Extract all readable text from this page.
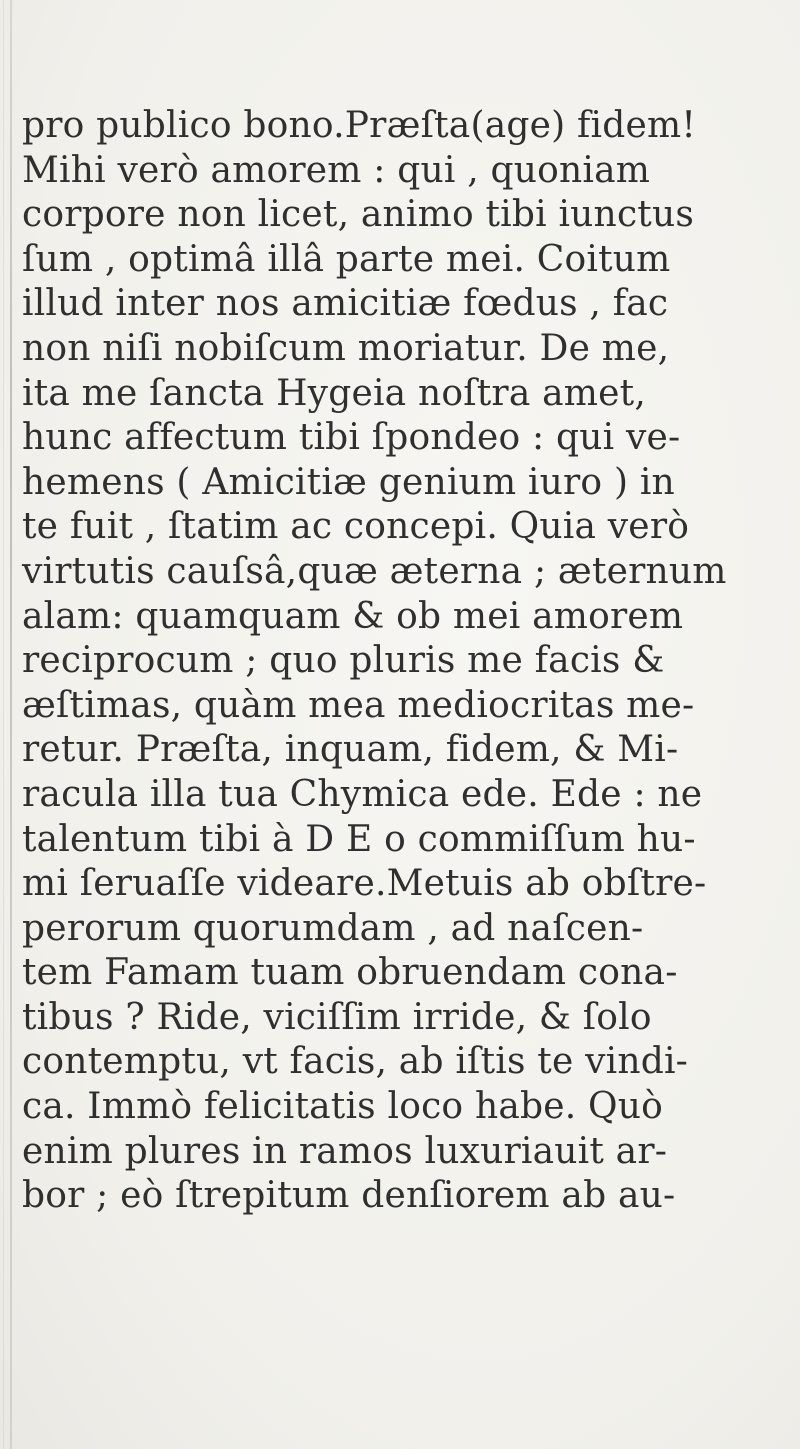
pro publico bono.Præſta(age) fidem!
Mihi verò amorem : qui , quoniam
corpore non licet, animo tibi iunctus
ſum , optimâ illâ parte mei. Coitum
illud inter nos amicitiæ fœdus , fac
non niſi nobiſcum moriatur. De me,
ita me ſancta Hygeia noſtra amet,
hunc affectum tibi ſpondeo : qui ve-
hemens ( Amicitiæ genium iuro ) in
te fuit , ſtatim ac concepi. Quia verò
virtutis cauſsâ,quæ æterna ; æternum
alam: quamquam & ob mei amorem
reciprocum ; quo pluris me facis &
æſtimas, quàm mea mediocritas me-
retur. Præſta, inquam, fidem, & Mi-
racula illa tua Chymica ede. Ede : ne
talentum tibi à D E o commiſſum hu-
mi ſeruaſſe videare.Metuis ab obſtre-
perorum quorumdam , ad naſcen-
tem Famam tuam obruendam cona-
tibus ? Ride, viciſſim irride, & ſolo
contemptu, vt facis, ab iſtis te vindi-
ca. Immò felicitatis loco habe. Quò
enim plures in ramos luxuriauit ar-
bor ; eò ſtrepitum denſiorem ab au-
